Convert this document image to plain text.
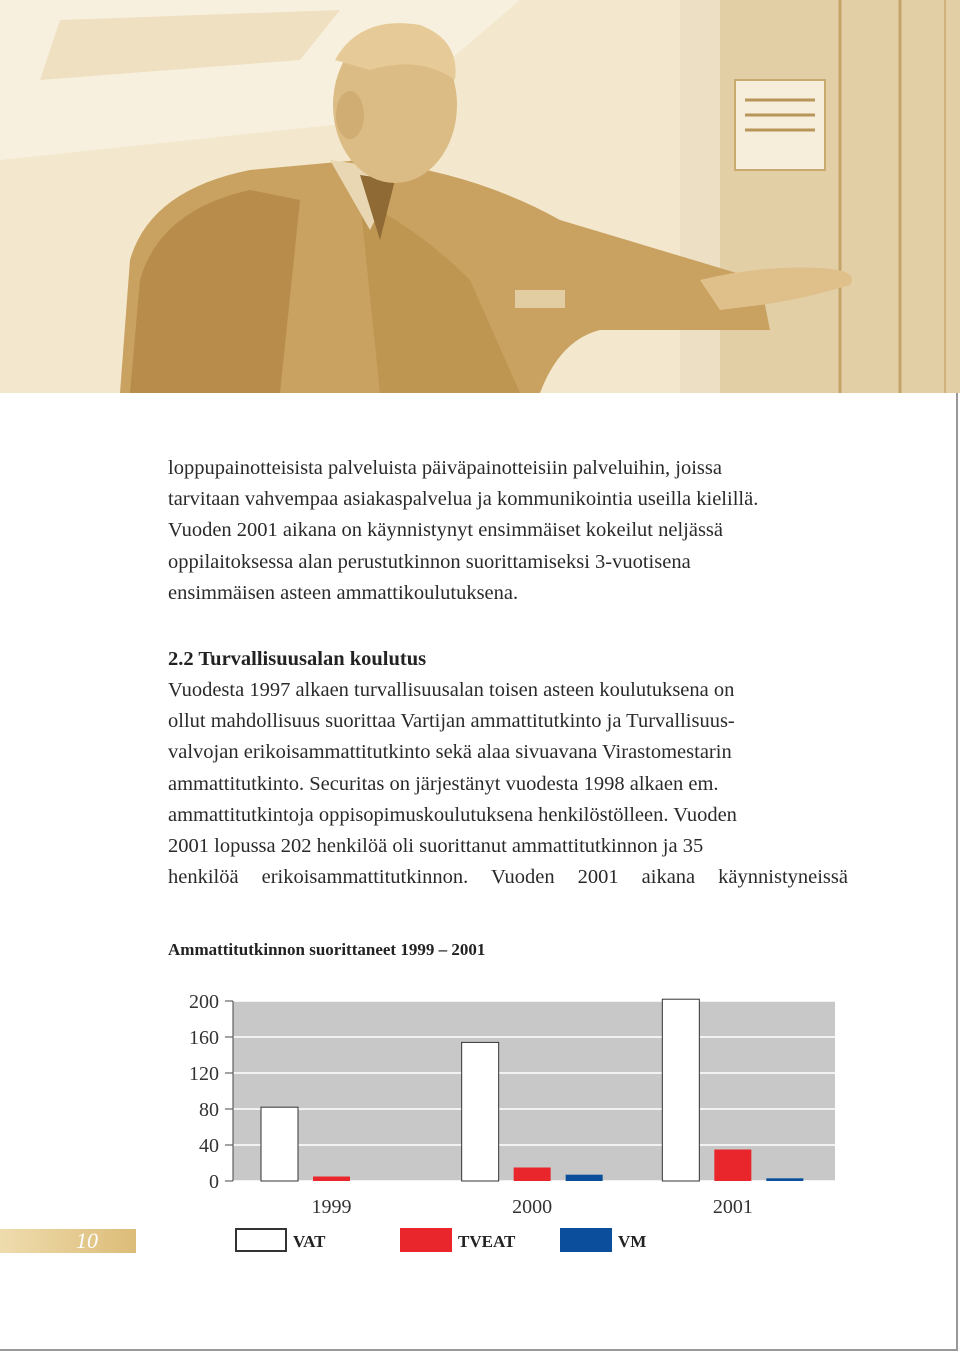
loppupainotteisista palveluista päiväpainotteisiin palveluihin, joissa

tarvitaan vahvempaa asiakaspalvelua ja kommunikointia useilla kielillä.

Vuoden 2001 aikana on käynnistynyt ensimmäiset kokeilut neljässä

oppilaitoksessa alan perustutkinnon suorittamiseksi 3-vuotisena

ensimmäisen asteen ammattikoulutuksena.

2.2 Turvallisuusalan koulutus

Vuodesta 1997 alkaen turvallisuusalan toisen asteen koulutuksena on

ollut mahdollisuus suorittaa Vartijan ammattitutkinto ja Turvallisuus-

valvojan erikoisammattitutkinto sekä alaa sivuavana Virastomestarin

ammattitutkinto. Securitas on järjestänyt vuodesta 1998 alkaen em.

ammattitutkintoja oppisopimuskoulutuksena henkilöstölleen. Vuoden

2001 lopussa 202 henkilöä oli suorittanut ammattitutkinnon ja 35

henkilöä erikoisammattitutkinnon. Vuoden 2001 aikana käynnistyneissä

Ammattitutkinnon suorittaneet 1999 – 2001
200
160
120
80
40
0
1999	2000	2001
10	VAT	TVEAT	VM
